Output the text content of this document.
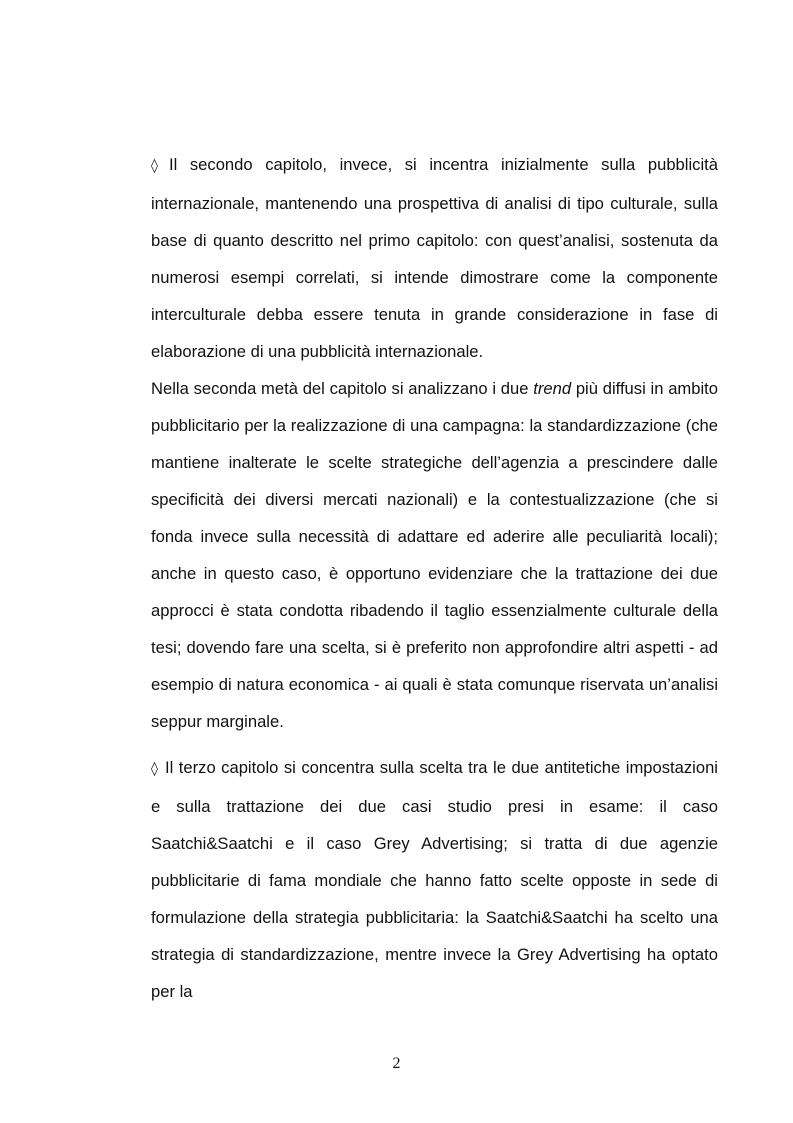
◊ Il secondo capitolo, invece, si incentra inizialmente sulla pubblicità internazionale, mantenendo una prospettiva di analisi di tipo culturale, sulla base di quanto descritto nel primo capitolo: con quest’analisi, sostenuta da numerosi esempi correlati, si intende dimostrare come la componente interculturale debba essere tenuta in grande considerazione in fase di elaborazione di una pubblicità internazionale.

Nella seconda metà del capitolo si analizzano i due trend più diffusi in ambito pubblicitario per la realizzazione di una campagna: la standardizzazione (che mantiene inalterate le scelte strategiche dell’agenzia a prescindere dalle specificità dei diversi mercati nazionali) e la contestualizzazione (che si fonda invece sulla necessità di adattare ed aderire alle peculiarità locali); anche in questo caso, è opportuno evidenziare che la trattazione dei due approcci è stata condotta ribadendo il taglio essenzialmente culturale della tesi; dovendo fare una scelta, si è preferito non approfondire altri aspetti - ad esempio di natura economica - ai quali è stata comunque riservata un’analisi seppur marginale.

◊ Il terzo capitolo si concentra sulla scelta tra le due antitetiche impostazioni e sulla trattazione dei due casi studio presi in esame: il caso Saatchi&Saatchi e il caso Grey Advertising; si tratta di due agenzie pubblicitarie di fama mondiale che hanno fatto scelte opposte in sede di formulazione della strategia pubblicitaria: la Saatchi&Saatchi ha scelto una strategia di standardizzazione, mentre invece la Grey Advertising ha optato per la

2
